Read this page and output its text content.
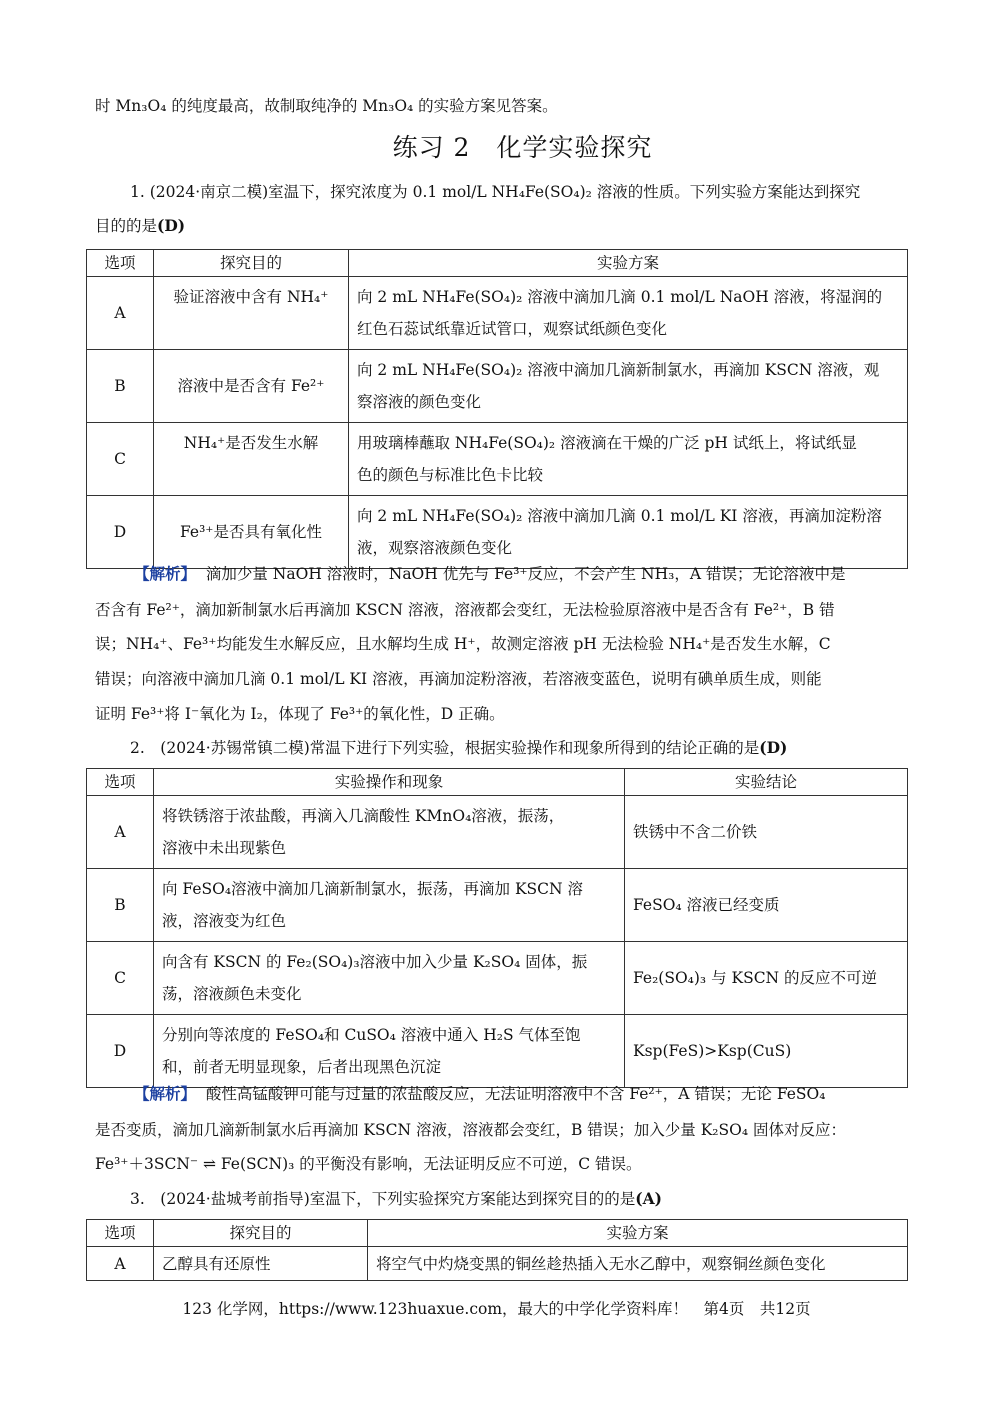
时 Mn₃O₄ 的纯度最高，故制取纯净的 Mn₃O₄ 的实验方案见答案。
练习 2　化学实验探究
1. (2024·南京二模)室温下，探究浓度为 0.1 mol/L NH₄Fe(SO₄)₂ 溶液的性质。下列实验方案能达到探究
目的的是(D)
选项	探究目的	实验方案
A	验证溶液中含有 NH₄⁺	向 2 mL NH₄Fe(SO₄)₂ 溶液中滴加几滴 0.1 mol/L NaOH 溶液，将湿润的
红色石蕊试纸靠近试管口，观察试纸颜色变化

B	溶液中是否含有 Fe²⁺	向 2 mL NH₄Fe(SO₄)₂ 溶液中滴加几滴新制氯水，再滴加 KSCN 溶液，观
察溶液的颜色变化

C	NH₄⁺是否发生水解	用玻璃棒蘸取 NH₄Fe(SO₄)₂ 溶液滴在干燥的广泛 pH 试纸上，将试纸显
色的颜色与标准比色卡比较

D	Fe³⁺是否具有氧化性	向 2 mL NH₄Fe(SO₄)₂ 溶液中滴加几滴 0.1 mol/L KI 溶液，再滴加淀粉溶
液，观察溶液颜色变化
【解析】 滴加少量 NaOH 溶液时，NaOH 优先与 Fe³⁺反应，不会产生 NH₃，A 错误；无论溶液中是
否含有 Fe²⁺，滴加新制氯水后再滴加 KSCN 溶液，溶液都会变红，无法检验原溶液中是否含有 Fe²⁺，B 错
误；NH₄⁺、Fe³⁺均能发生水解反应，且水解均生成 H⁺，故测定溶液 pH 无法检验 NH₄⁺是否发生水解，C
错误；向溶液中滴加几滴 0.1 mol/L KI 溶液，再滴加淀粉溶液，若溶液变蓝色，说明有碘单质生成，则能
证明 Fe³⁺将 I⁻氧化为 I₂，体现了 Fe³⁺的氧化性，D 正确。
2.　(2024·苏锡常镇二模)常温下进行下列实验，根据实验操作和现象所得到的结论正确的是(D)
选项	实验操作和现象	实验结论
A	将铁锈溶于浓盐酸，再滴入几滴酸性 KMnO₄溶液，振荡，
溶液中未出现紫色	铁锈中不含二价铁
B	向 FeSO₄溶液中滴加几滴新制氯水，振荡，再滴加 KSCN 溶
液，溶液变为红色	FeSO₄ 溶液已经变质
C	向含有 KSCN 的 Fe₂(SO₄)₃溶液中加入少量 K₂SO₄ 固体，振
荡，溶液颜色未变化	Fe₂(SO₄)₃ 与 KSCN 的反应不可逆
D	分别向等浓度的 FeSO₄和 CuSO₄ 溶液中通入 H₂S 气体至饱
和，前者无明显现象，后者出现黑色沉淀	Ksp(FeS)>Ksp(CuS)
【解析】 酸性高锰酸钾可能与过量的浓盐酸反应，无法证明溶液中不含 Fe²⁺，A 错误；无论 FeSO₄
是否变质，滴加几滴新制氯水后再滴加 KSCN 溶液，溶液都会变红，B 错误；加入少量 K₂SO₄ 固体对反应：
Fe³⁺＋3SCN⁻ ⇌ Fe(SCN)₃ 的平衡没有影响，无法证明反应不可逆，C 错误。
3.　(2024·盐城考前指导)室温下，下列实验探究方案能达到探究目的的是(A)
选项	探究目的	实验方案
A	乙醇具有还原性	将空气中灼烧变黑的铜丝趁热插入无水乙醇中，观察铜丝颜色变化
123 化学网，https://www.123huaxue.com，最大的中学化学资料库！　第4页　共12页
